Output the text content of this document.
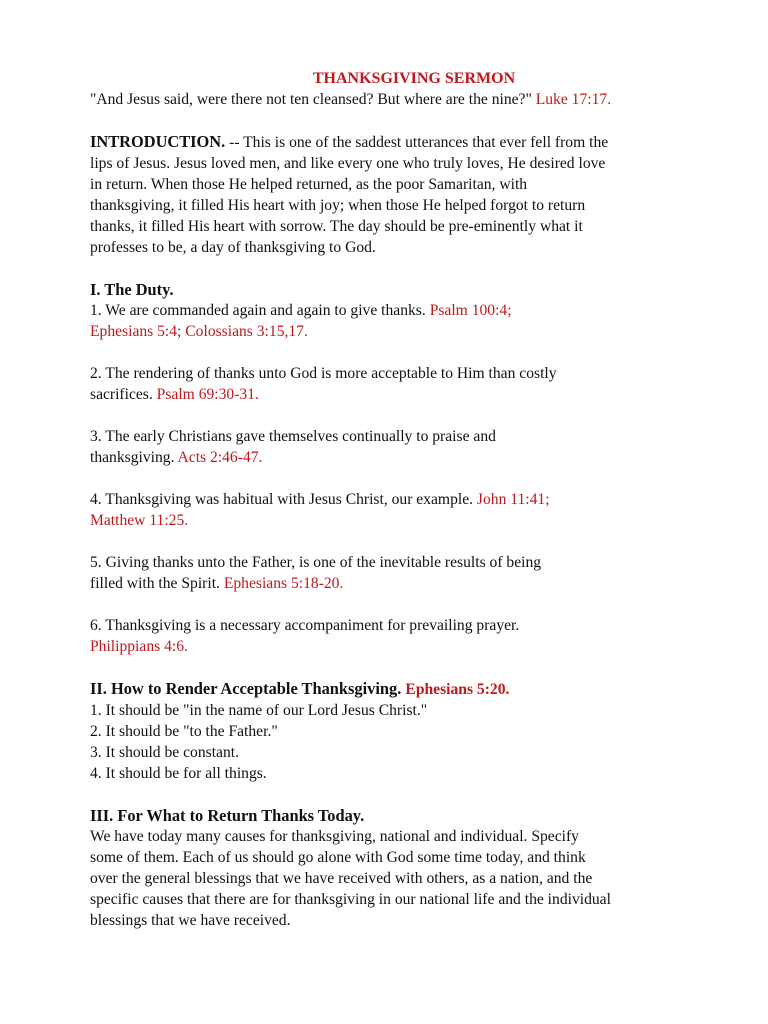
THANKSGIVING SERMON

"And Jesus said, were there not ten cleansed? But where are the nine?" Luke 17:17.

INTRODUCTION. -- This is one of the saddest utterances that ever fell from the
lips of Jesus. Jesus loved men, and like every one who truly loves, He desired love
in return. When those He helped returned, as the poor Samaritan, with
thanksgiving, it filled His heart with joy; when those He helped forgot to return
thanks, it filled His heart with sorrow. The day should be pre-eminently what it
professes to be, a day of thanksgiving to God.

I. The Duty.

1. We are commanded again and again to give thanks. Psalm 100:4;
Ephesians 5:4; Colossians 3:15,17.

2. The rendering of thanks unto God is more acceptable to Him than costly
sacrifices. Psalm 69:30-31.

3. The early Christians gave themselves continually to praise and
thanksgiving. Acts 2:46-47.

4. Thanksgiving was habitual with Jesus Christ, our example. John 11:41;
Matthew 11:25.

5. Giving thanks unto the Father, is one of the inevitable results of being
filled with the Spirit. Ephesians 5:18-20.

6. Thanksgiving is a necessary accompaniment for prevailing prayer.
Philippians 4:6.

II. How to Render Acceptable Thanksgiving. Ephesians 5:20.

1. It should be "in the name of our Lord Jesus Christ."

2. It should be "to the Father."

3. It should be constant.

4. It should be for all things.

III. For What to Return Thanks Today.

We have today many causes for thanksgiving, national and individual. Specify
some of them. Each of us should go alone with God some time today, and think
over the general blessings that we have received with others, as a nation, and the
specific causes that there are for thanksgiving in our national life and the individual
blessings that we have received.
